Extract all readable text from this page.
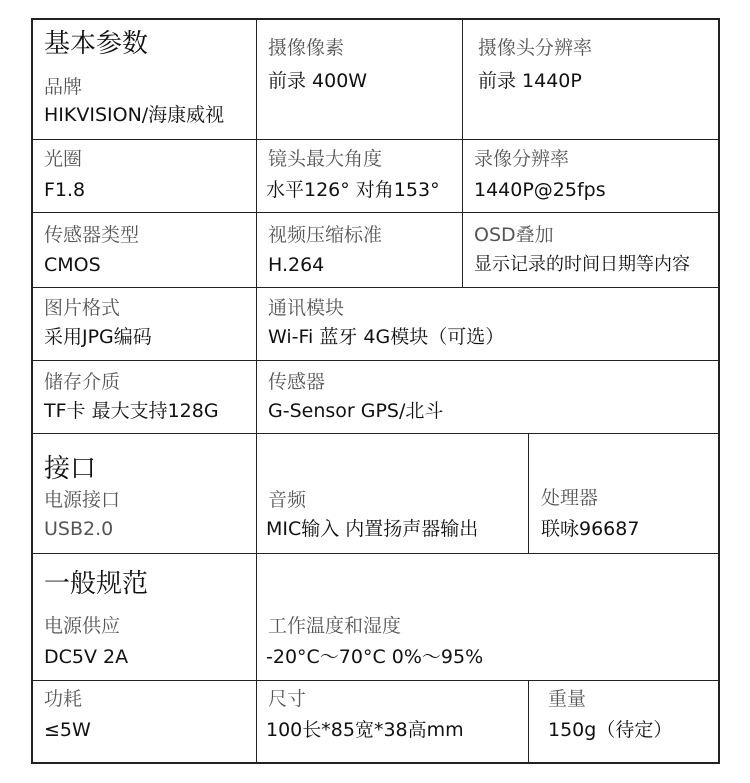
基本参数
品牌
HIKVISION/海康威视
摄像像素
前录 400W
摄像头分辨率
前录 1440P
光圈
F1.8
镜头最大角度
水平126° 对角153°
录像分辨率
1440P@25fps
传感器类型
CMOS
视频压缩标准
H.264
OSD叠加
显示记录的时间日期等内容
图片格式
采用JPG编码
通讯模块
Wi-Fi 蓝牙 4G模块（可选）
储存介质
TF卡 最大支持128G
传感器
G-Sensor GPS/北斗
接口
电源接口
USB2.0
音频
MIC输入 内置扬声器输出
处理器
联咏96687
一般规范
电源供应
DC5V 2A
工作温度和湿度
-20°C～70°C 0%～95%
功耗
≤5W
尺寸
100长*85宽*38高mm
重量
150g（待定）
